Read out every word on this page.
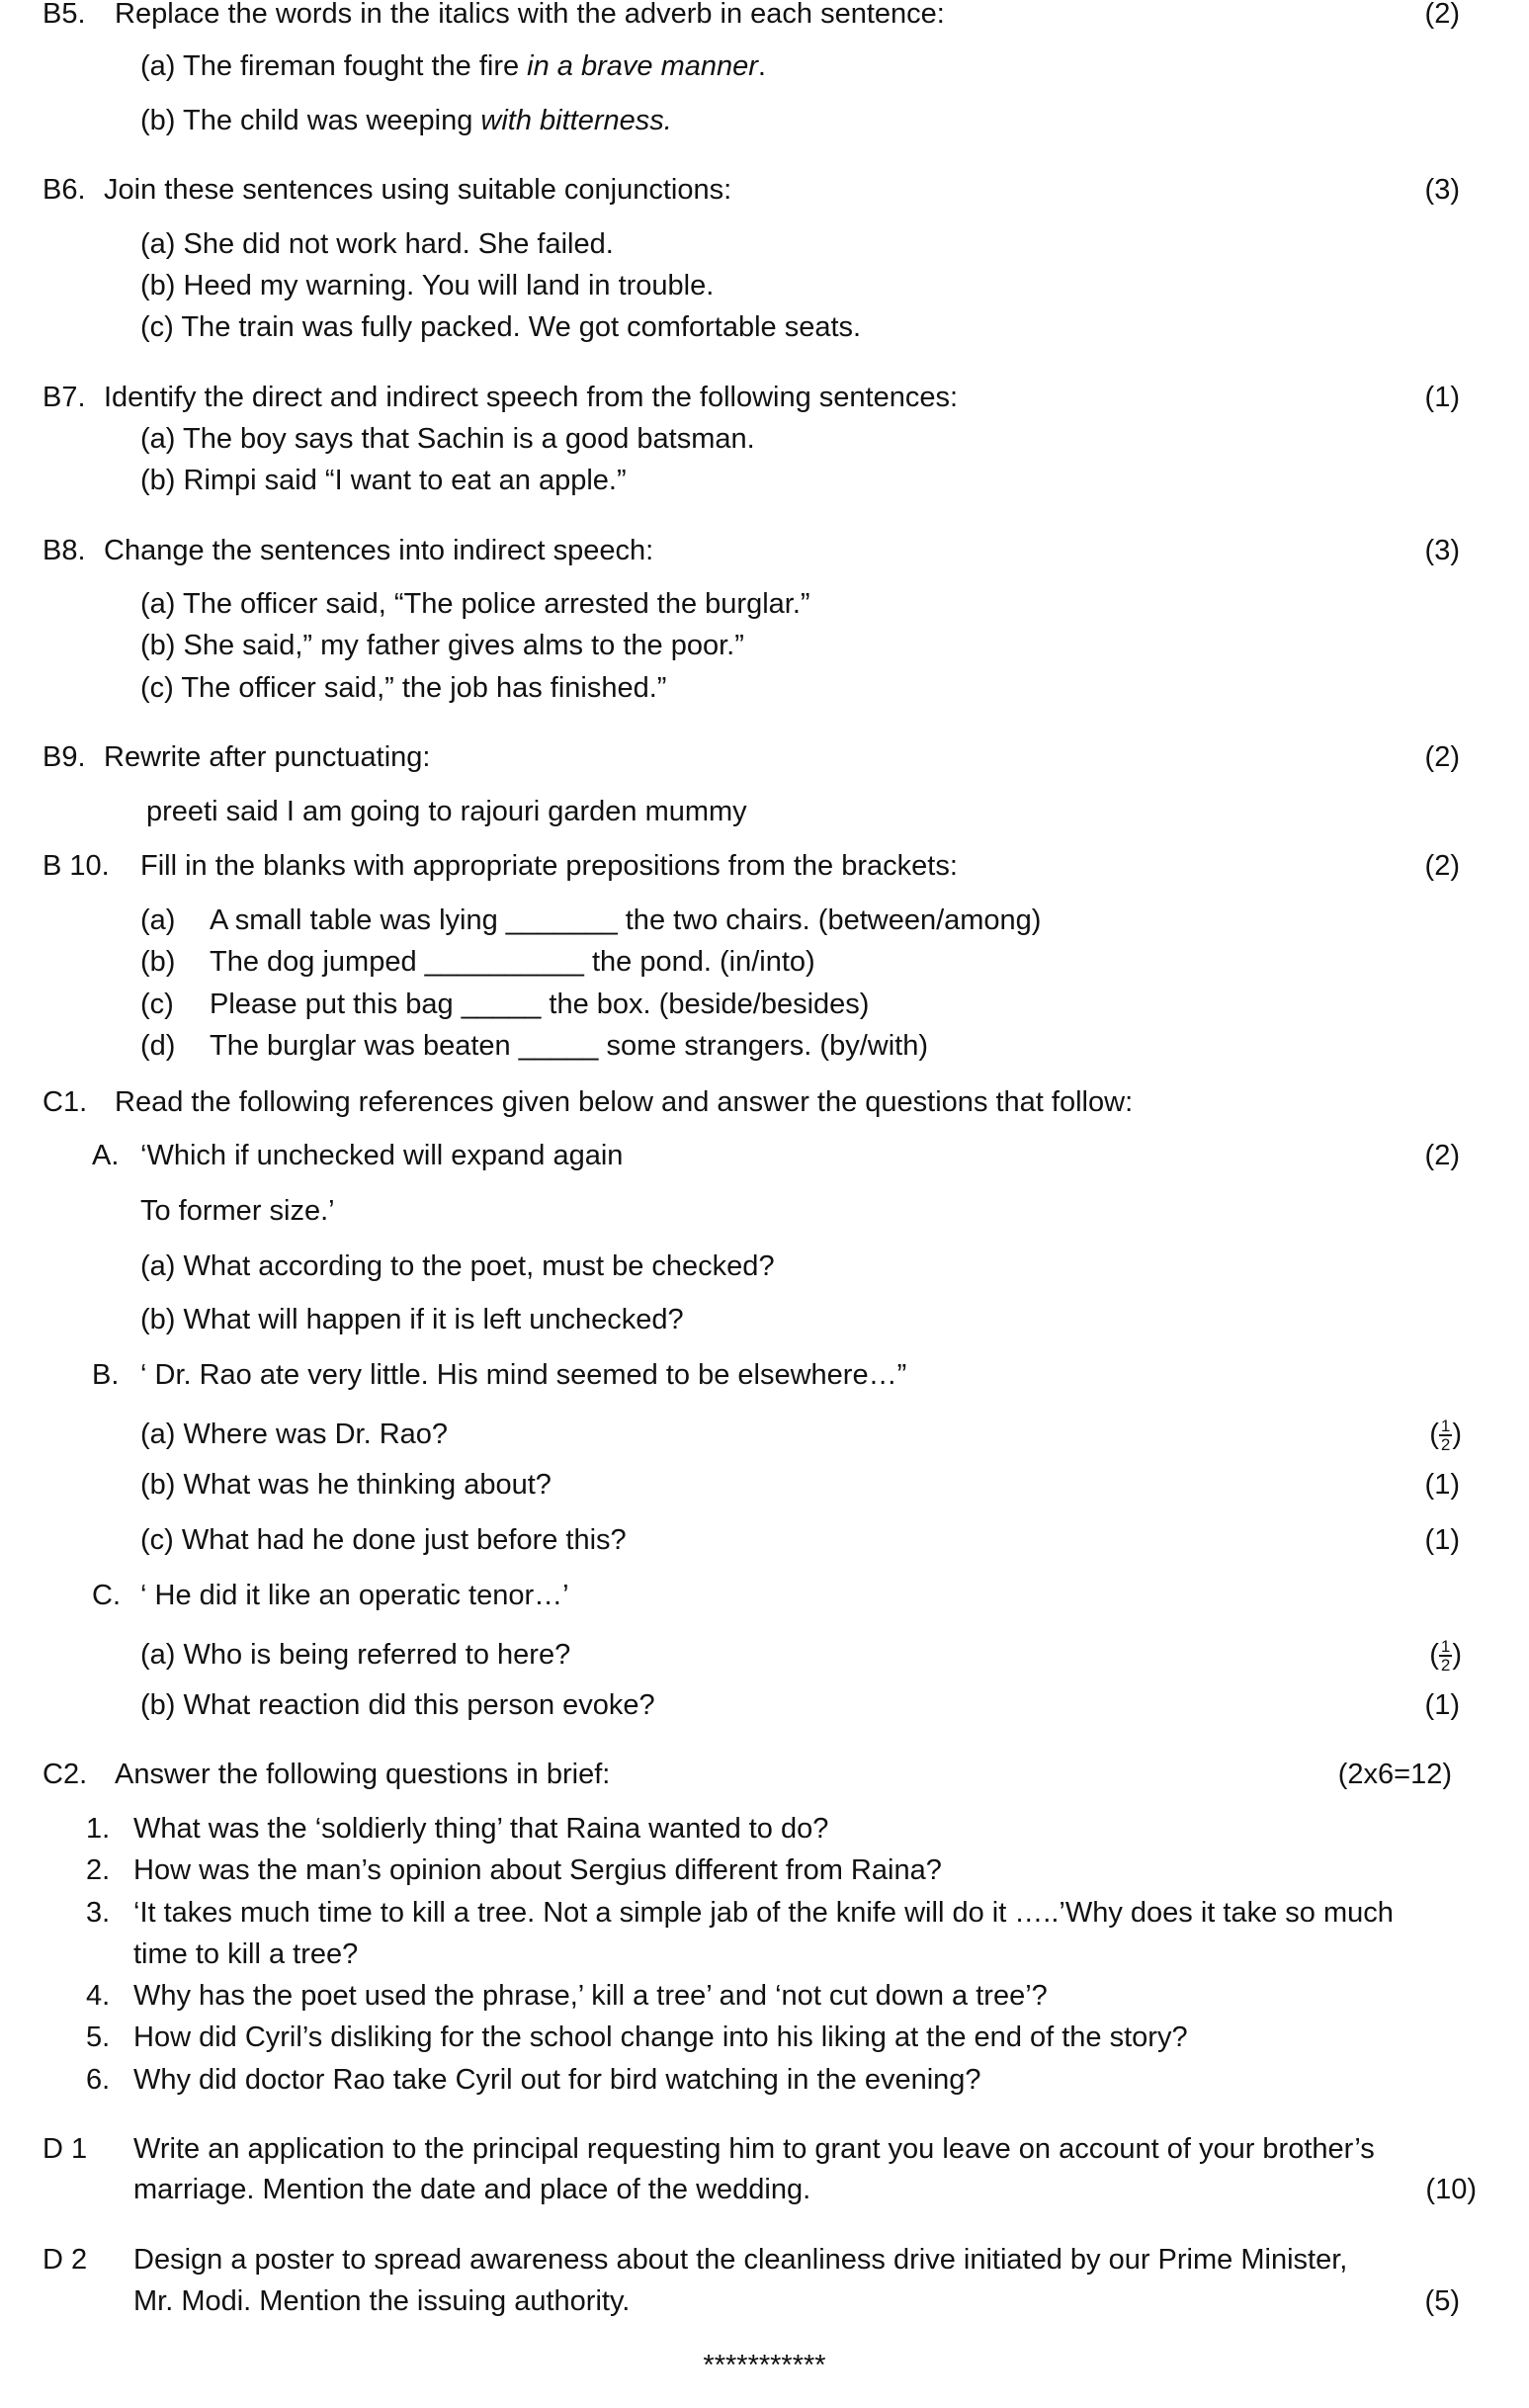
B5. Replace the words in the italics with the adverb in each sentence:	(2)
(a) The fireman fought the fire in a brave manner.
(b) The child was weeping with bitterness.
B6. Join these sentences using suitable conjunctions:	(3)
(a) She did not work hard. She failed.
(b) Heed my warning. You will land in trouble.
(c) The train was fully packed. We got comfortable seats.
B7. Identify the direct and indirect speech from the following sentences:	(1)
(a) The boy says that Sachin is a good batsman.
(b) Rimpi said “I want to eat an apple.”
B8. Change the sentences into indirect speech:	(3)
(a) The officer said, “The police arrested the burglar.”
(b) She said,” my father gives alms to the poor.”
(c) The officer said,” the job has finished.”
B9. Rewrite after punctuating:	(2)
preeti said I am going to rajouri garden mummy
B 10. Fill in the blanks with appropriate prepositions from the brackets:	(2)
(a) A small table was lying _______ the two chairs. (between/among)
(b) The dog jumped __________ the pond. (in/into)
(c) Please put this bag _____ the box. (beside/besides)
(d) The burglar was beaten _____ some strangers. (by/with)
C1. Read the following references given below and answer the questions that follow:
A. ‘Which if unchecked will expand again	(2)
To former size.’
(a) What according to the poet, must be checked?
(b) What will happen if it is left unchecked?
B. ‘ Dr. Rao ate very little. His mind seemed to be elsewhere…”
(a) Where was Dr. Rao?	( $\frac{1}{2}$ )
(b) What was he thinking about?	(1)
(c) What had he done just before this?	(1)
C. ‘ He did it like an operatic tenor…’
(a) Who is being referred to here?	( $\frac{1}{2}$ )
(b) What reaction did this person evoke?	(1)
C2. Answer the following questions in brief:	(2x6=12)
1. What was the ‘soldierly thing’ that Raina wanted to do?
2. How was the man’s opinion about Sergius different from Raina?
3. ‘It takes much time to kill a tree. Not a simple jab of the knife will do it …..’Why does it take so much
time to kill a tree?
4. Why has the poet used the phrase,’ kill a tree’ and ‘not cut down a tree’?
5. How did Cyril’s disliking for the school change into his liking at the end of the story?
6. Why did doctor Rao take Cyril out for bird watching in the evening?
D 1 Write an application to the principal requesting him to grant you leave on account of your brother’s
marriage. Mention the date and place of the wedding.	(10)
D 2 Design a poster to spread awareness about the cleanliness drive initiated by our Prime Minister,
Mr. Modi. Mention the issuing authority.	(5)
***********
